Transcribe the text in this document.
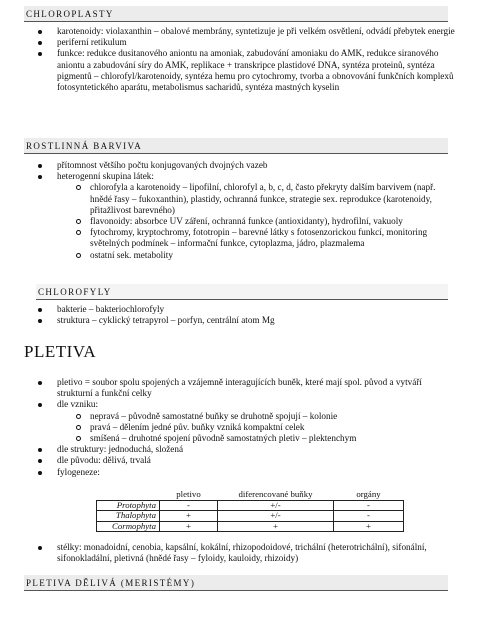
CHLOROPLASTY
karotenoidy: violaxanthin – obalové membrány, syntetizuje je při velkém osvětlení, odvádí přebytek energie
periferní retikulum
funkce: redukce dusitanového aniontu na amoniak, zabudování amoniaku do AMK, redukce siranového aniontu a zabudování síry do AMK, replikace + transkripce plastidové DNA, syntéza proteinů, syntéza pigmentů – chlorofyl/karotenoidy, syntéza hemu pro cytochromy, tvorba a obnovování funkčních komplexů fotosyntetického aparátu, metabolismus sacharidů, syntéza mastných kyselin
ROSTLINNÁ BARVIVA
přítomnost většího počtu konjugovaných dvojných vazeb
heterogenní skupina látek:
chlorofyla a karotenoidy – lipofilní, chlorofyl a, b, c, d, často překryty dalším barvivem (např. hnědé řasy – fukoxanthin), plastidy, ochranná funkce, strategie sex. reprodukce (karotenoidy, přitažlivost barevného)
flavonoidy: absorbce UV záření, ochranná funkce (antioxidanty), hydrofilní, vakuoly
fytochromy, kryptochromy, fototropin – barevné látky s fotosenzorickou funkcí, monitoring světelných podmínek – informační funkce, cytoplazma, jádro, plazmalema
ostatní sek. metabolity
CHLOROFYLY
bakterie – bakteriochlorofyly
struktura – cyklický tetrapyrol – porfyn, centrální atom Mg
PLETIVA
pletivo = soubor spolu spojených a vzájemně interagujících buněk, které mají spol. původ a vytváří strukturní a funkční celky
dle vzniku:
nepravá – původně samostatné buňky se druhotně spojují – kolonie
pravá – dělením jedné pův. buňky vzniká kompaktní celek
smíšená – druhotné spojení původně samostatných pletiv – plektenchym
dle struktury: jednoduchá, složená
dle původu: dělivá, trvalá
fylogeneze:
	pletivo	diferencované buňky	orgány
Protophyta	-	+/-	-
Thalophyta	+	+/-	-
Cormophyta	+	+	+
stélky: monadoidní, cenobia, kapsální, kokální, rhizopodoidové, trichální (heterotrichální), sifonální, sifonokladální, pletivná (hnědé řasy – fyloidy, kauloidy, rhizoidy)
PLETIVA DĚLIVÁ (MERISTÉMY)
